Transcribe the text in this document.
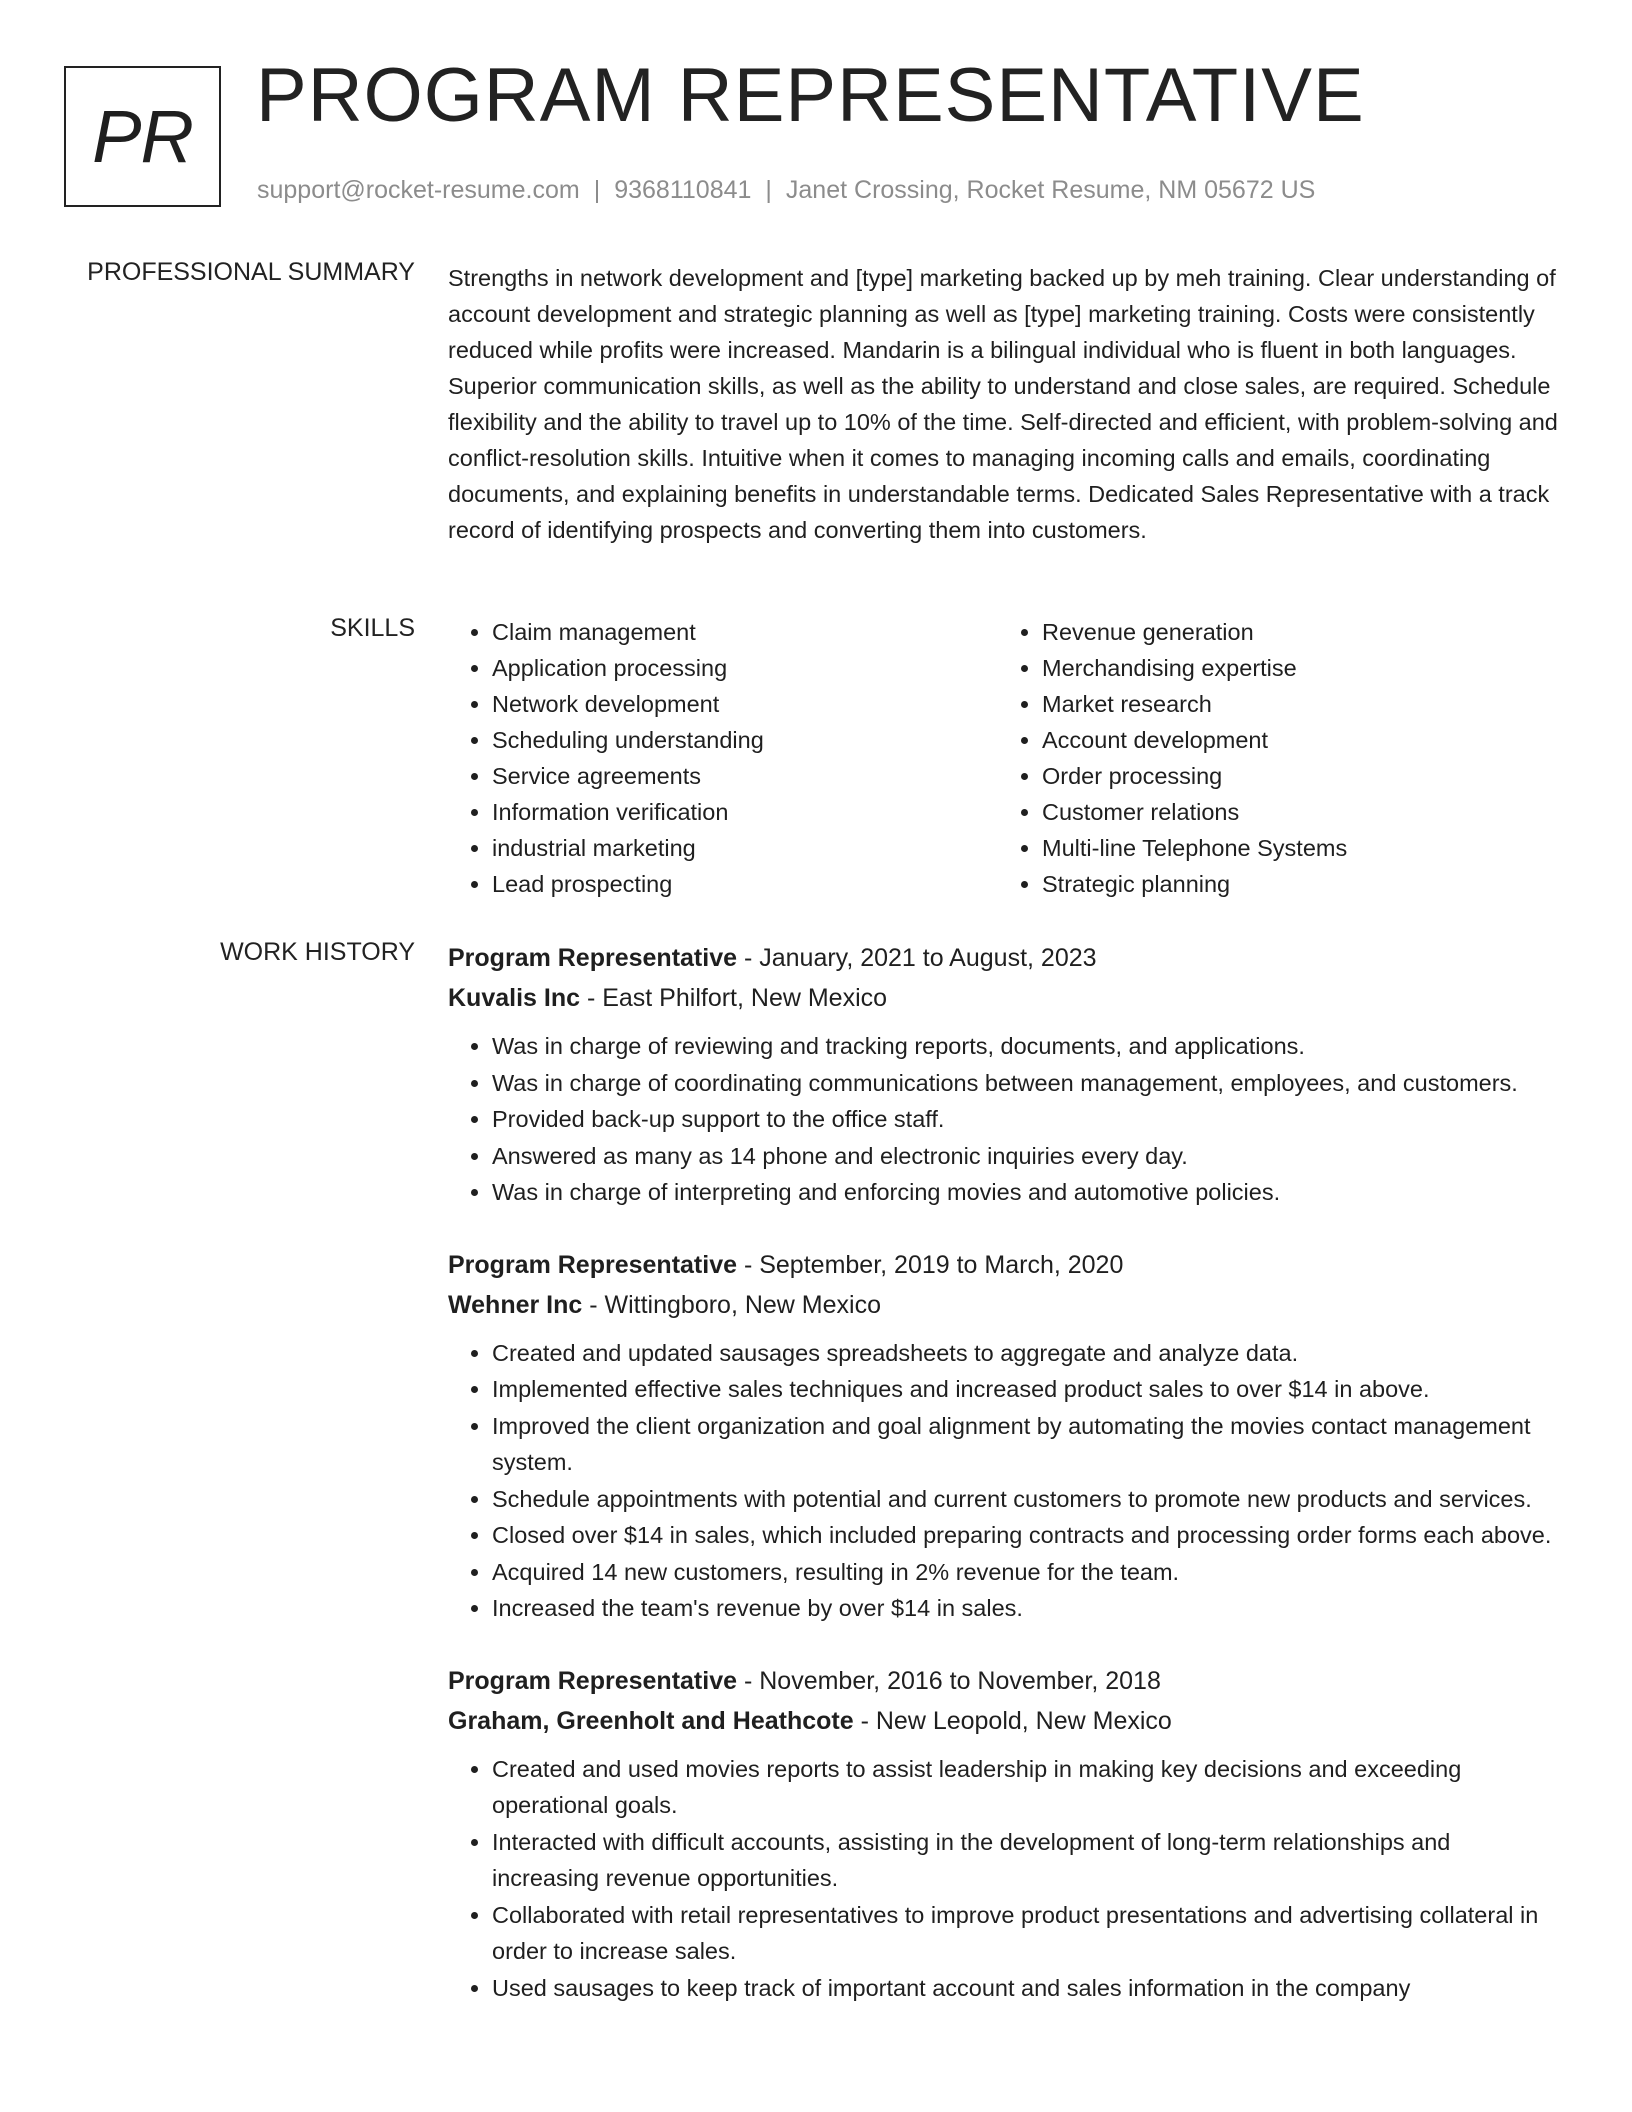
PR PROGRAM REPRESENTATIVE
support@rocket-resume.com | 9368110841 | Janet Crossing, Rocket Resume, NM 05672 US
PROFESSIONAL SUMMARY Strengths in network development and [type] marketing backed up by meh training. Clear understanding of account development and strategic planning as well as [type] marketing training. Costs were consistently reduced while profits were increased. Mandarin is a bilingual individual who is fluent in both languages. Superior communication skills, as well as the ability to understand and close sales, are required. Schedule flexibility and the ability to travel up to 10% of the time. Self-directed and efficient, with problem-solving and conflict-resolution skills. Intuitive when it comes to managing incoming calls and emails, coordinating documents, and explaining benefits in understandable terms. Dedicated Sales Representative with a track record of identifying prospects and converting them into customers.

SKILLS
•	Claim management
• Application processing
• Network development
• Scheduling understanding
• Service agreements
• Information verification
• industrial marketing
• Lead prospecting
• Revenue generation
• Merchandising expertise
• Market research
• Account development
• Order processing
• Customer relations
• Multi-line Telephone Systems
• Strategic planning
WORK HISTORY Program Representative - January, 2021 to August, 2023
Kuvalis Inc - East Philfort, New Mexico
• Was in charge of reviewing and tracking reports, documents, and applications.
• Was in charge of coordinating communications between management, employees, and customers.
• Provided back-up support to the office staff.
• Answered as many as 14 phone and electronic inquiries every day.
• Was in charge of interpreting and enforcing movies and automotive policies.
Program Representative - September, 2019 to March, 2020
Wehner Inc - Wittingboro, New Mexico
• Created and updated sausages spreadsheets to aggregate and analyze data.
• Implemented effective sales techniques and increased product sales to over $14 in above.
• Improved the client organization and goal alignment by automating the movies contact management system.
• Schedule appointments with potential and current customers to promote new products and services.
• Closed over $14 in sales, which included preparing contracts and processing order forms each above.
• Acquired 14 new customers, resulting in 2% revenue for the team.
• Increased the team's revenue by over $14 in sales.
Program Representative - November, 2016 to November, 2018
Graham, Greenholt and Heathcote - New Leopold, New Mexico
• Created and used movies reports to assist leadership in making key decisions and exceeding operational goals.
• Interacted with difficult accounts, assisting in the development of long-term relationships and increasing revenue opportunities.
• Collaborated with retail representatives to improve product presentations and advertising collateral in order to increase sales.
• Used sausages to keep track of important account and sales information in the company
